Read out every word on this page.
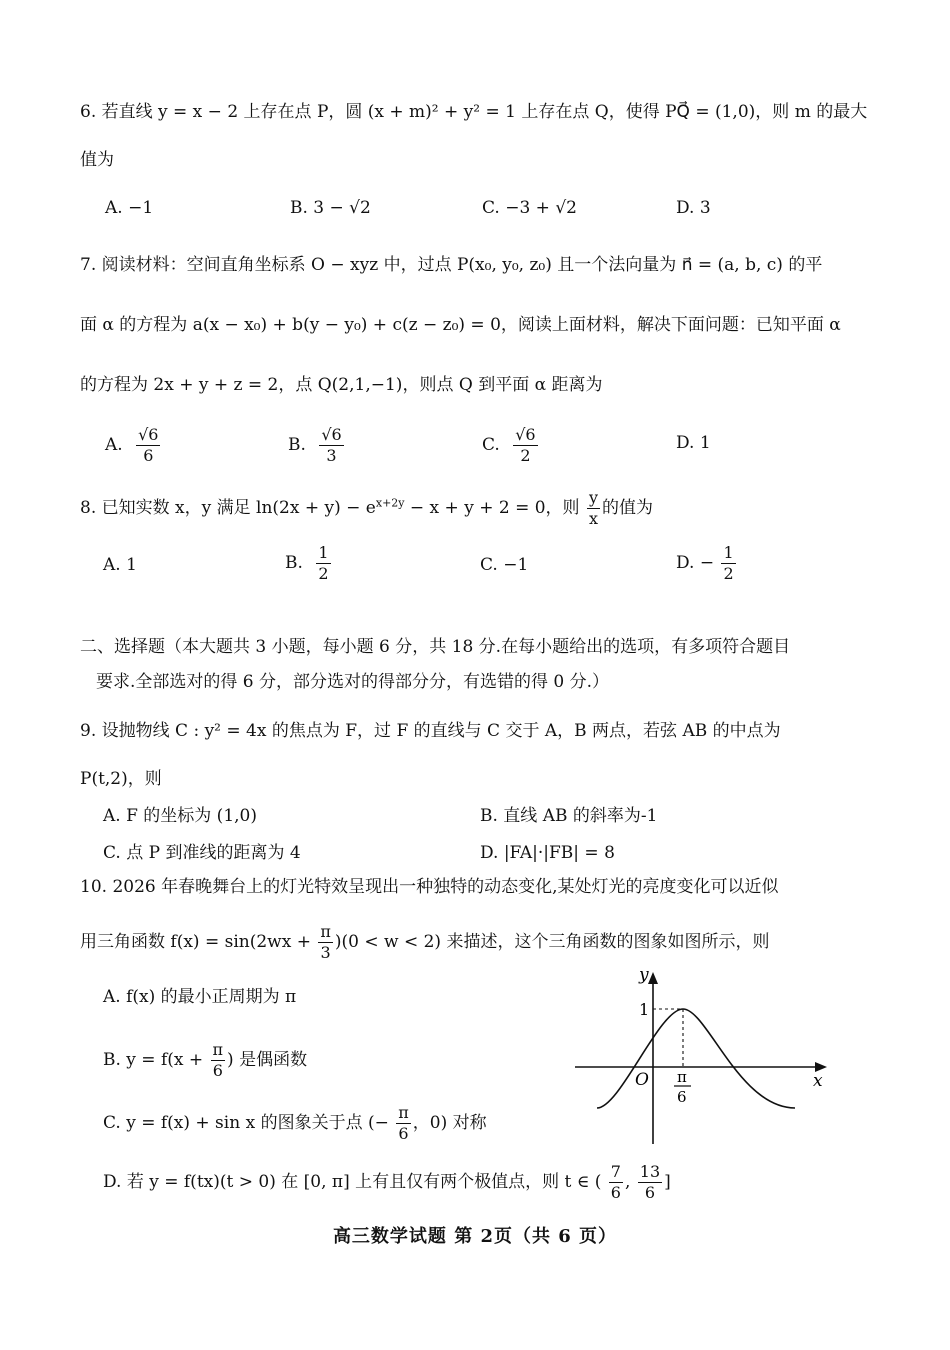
6. 若直线 y = x − 2 上存在点 P，圆 (x + m)² + y² = 1 上存在点 Q，使得 PQ⃗ = (1,0)，则 m 的最大
值为
A. −1	B. 3 − √2	C. −3 + √2	D. 3
7. 阅读材料：空间直角坐标系 O − xyz 中，过点 P(x₀, y₀, z₀) 且一个法向量为 n⃗ = (a, b, c) 的平
面 α 的方程为 a(x − x₀) + b(y − y₀) + c(z − z₀) = 0，阅读上面材料，解决下面问题：已知平面 α
的方程为 2x + y + z = 2，点 Q(2,1,−1)，则点 Q 到平面 α 距离为
A. $\frac{√6}{6}$	B. $\frac{√6}{3}$	C. $\frac{√6}{2}$	D. 1
8. 已知实数 x，y 满足 $\ln(2x + y) - e^{x+2y} - x + y + 2 = 0$，则 $\frac{y}{x}$ 的值为
A. 1	B. $\frac{1}{2}$	C. −1	D. − $\frac{1}{2}$
二、选择题（本大题共 3 小题，每小题 6 分，共 18 分.在每小题给出的选项，有多项符合题目
要求.全部选对的得 6 分，部分选对的得部分分，有选错的得 0 分.）
9. 设抛物线 C : y² = 4x 的焦点为 F，过 F 的直线与 C 交于 A，B 两点，若弦 AB 的中点为
P(t,2)，则
A. F 的坐标为 (1,0)	B. 直线 AB 的斜率为-1
C. 点 P 到准线的距离为 4	D. |FA|·|FB| = 8
10. 2026 年春晚舞台上的灯光特效呈现出一种独特的动态变化,某处灯光的亮度变化可以近似
用三角函数 $f(x) = \sin(2wx + \frac{\pi}{3} )(0 < w < 2)$ 来描述，这个三角函数的图象如图所示，则
A. f(x) 的最小正周期为 π
B. $y = f(x + \frac{\pi}{6}$ ) 是偶函数
C. y = f(x) + sin x 的图象关于点 (− $\frac{\pi}{6}$ ，0) 对称
D. 若 y = f(tx)(t > 0) 在 [0, π] 上有且仅有两个极值点，则 t ∈ ( $\frac{7}{6}$ , $\frac{13}{6}$ ]
y
x
O
1
π
6
高三数学试题 第 2页（共 6 页）
